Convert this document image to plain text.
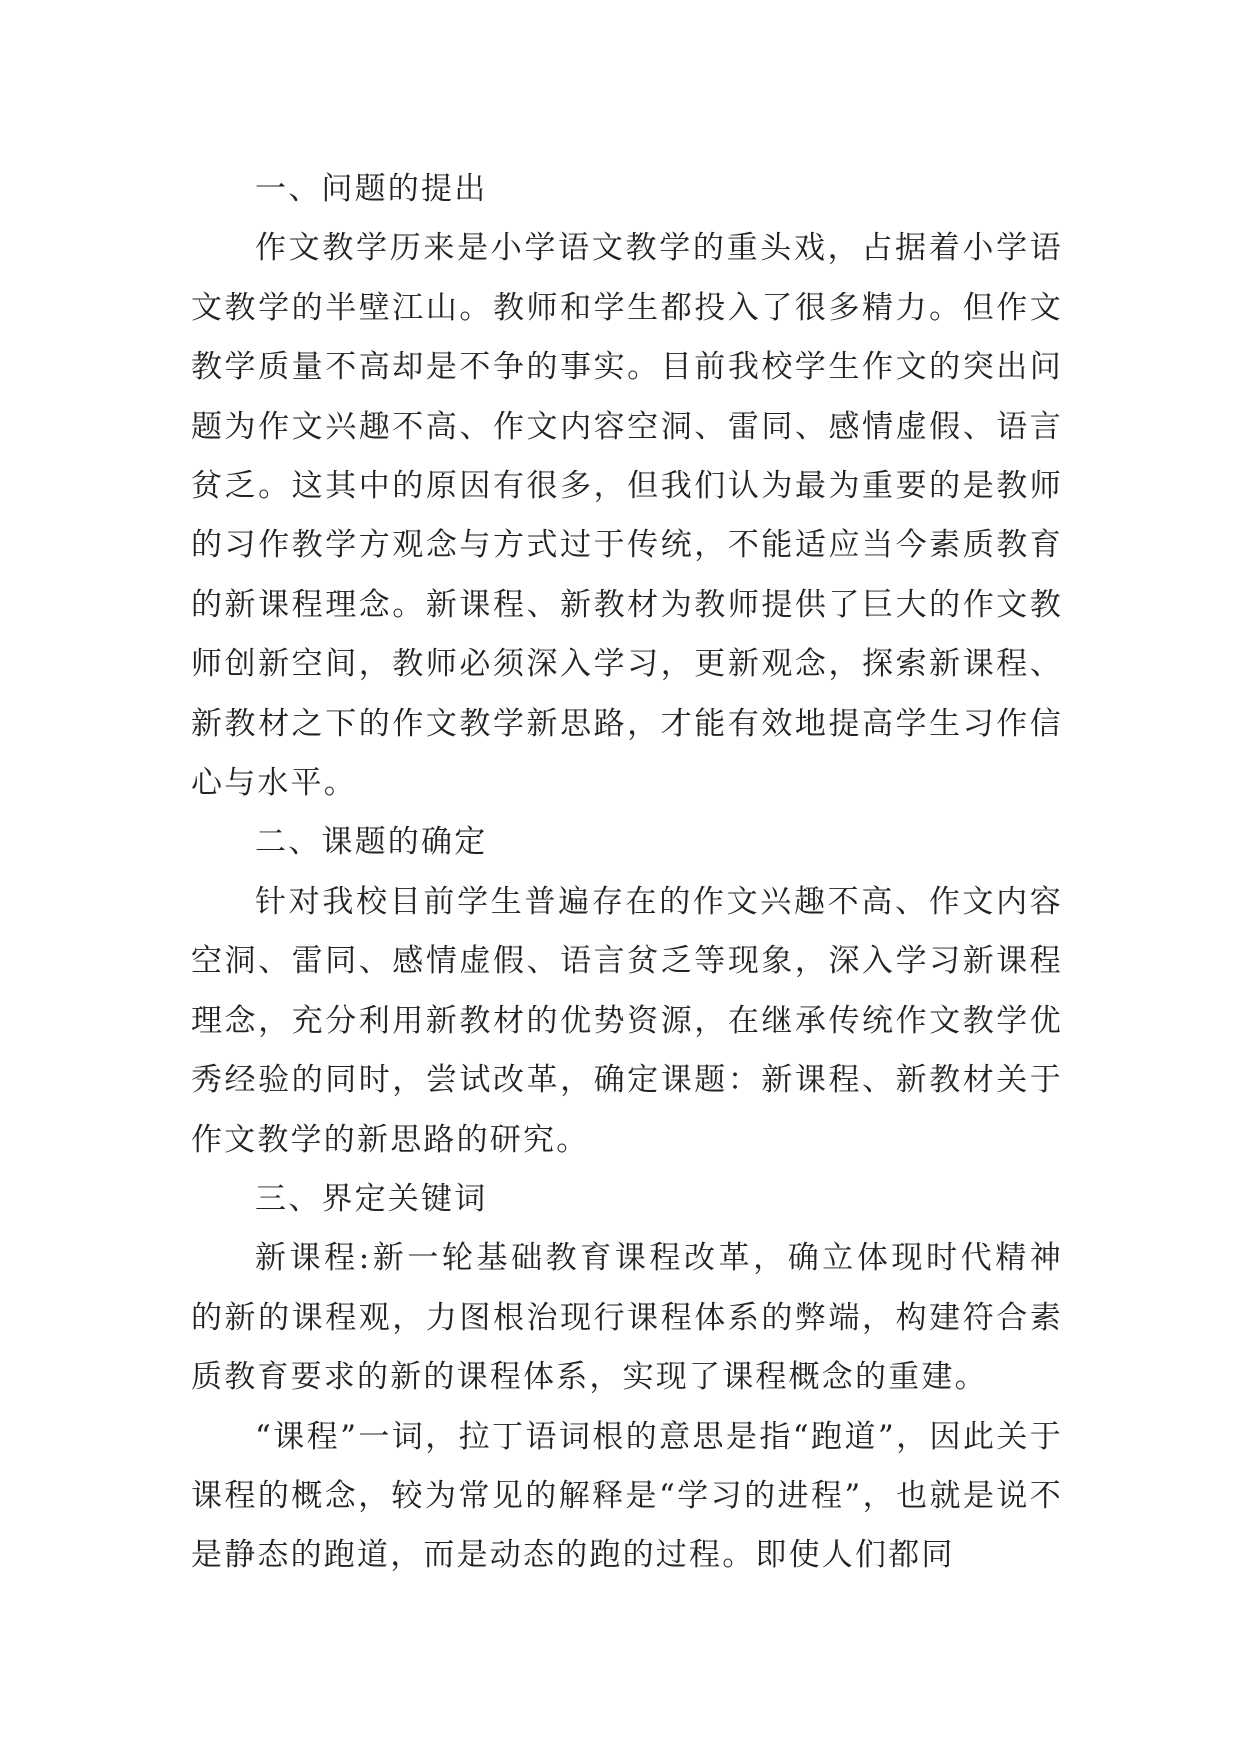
一、问题的提出

作文教学历来是小学语文教学的重头戏，占据着小学语文教学的半壁江山。教师和学生都投入了很多精力。但作文教学质量不高却是不争的事实。目前我校学生作文的突出问题为作文兴趣不高、作文内容空洞、雷同、感情虚假、语言贫乏。这其中的原因有很多，但我们认为最为重要的是教师的习作教学方观念与方式过于传统，不能适应当今素质教育的新课程理念。新课程、新教材为教师提供了巨大的作文教师创新空间，教师必须深入学习，更新观念，探索新课程、新教材之下的作文教学新思路，才能有效地提高学生习作信心与水平。

二、课题的确定

针对我校目前学生普遍存在的作文兴趣不高、作文内容空洞、雷同、感情虚假、语言贫乏等现象，深入学习新课程理念，充分利用新教材的优势资源，在继承传统作文教学优秀经验的同时，尝试改革，确定课题：新课程、新教材关于作文教学的新思路的研究。

三、界定关键词

新课程:新一轮基础教育课程改革，确立体现时代精神的新的课程观，力图根治现行课程体系的弊端，构建符合素质教育要求的新的课程体系，实现了课程概念的重建。

“课程”一词，拉丁语词根的意思是指“跑道”，因此关于课程的概念，较为常见的解释是“学习的进程”，也就是说不是静态的跑道，而是动态的跑的过程。即使人们都同
